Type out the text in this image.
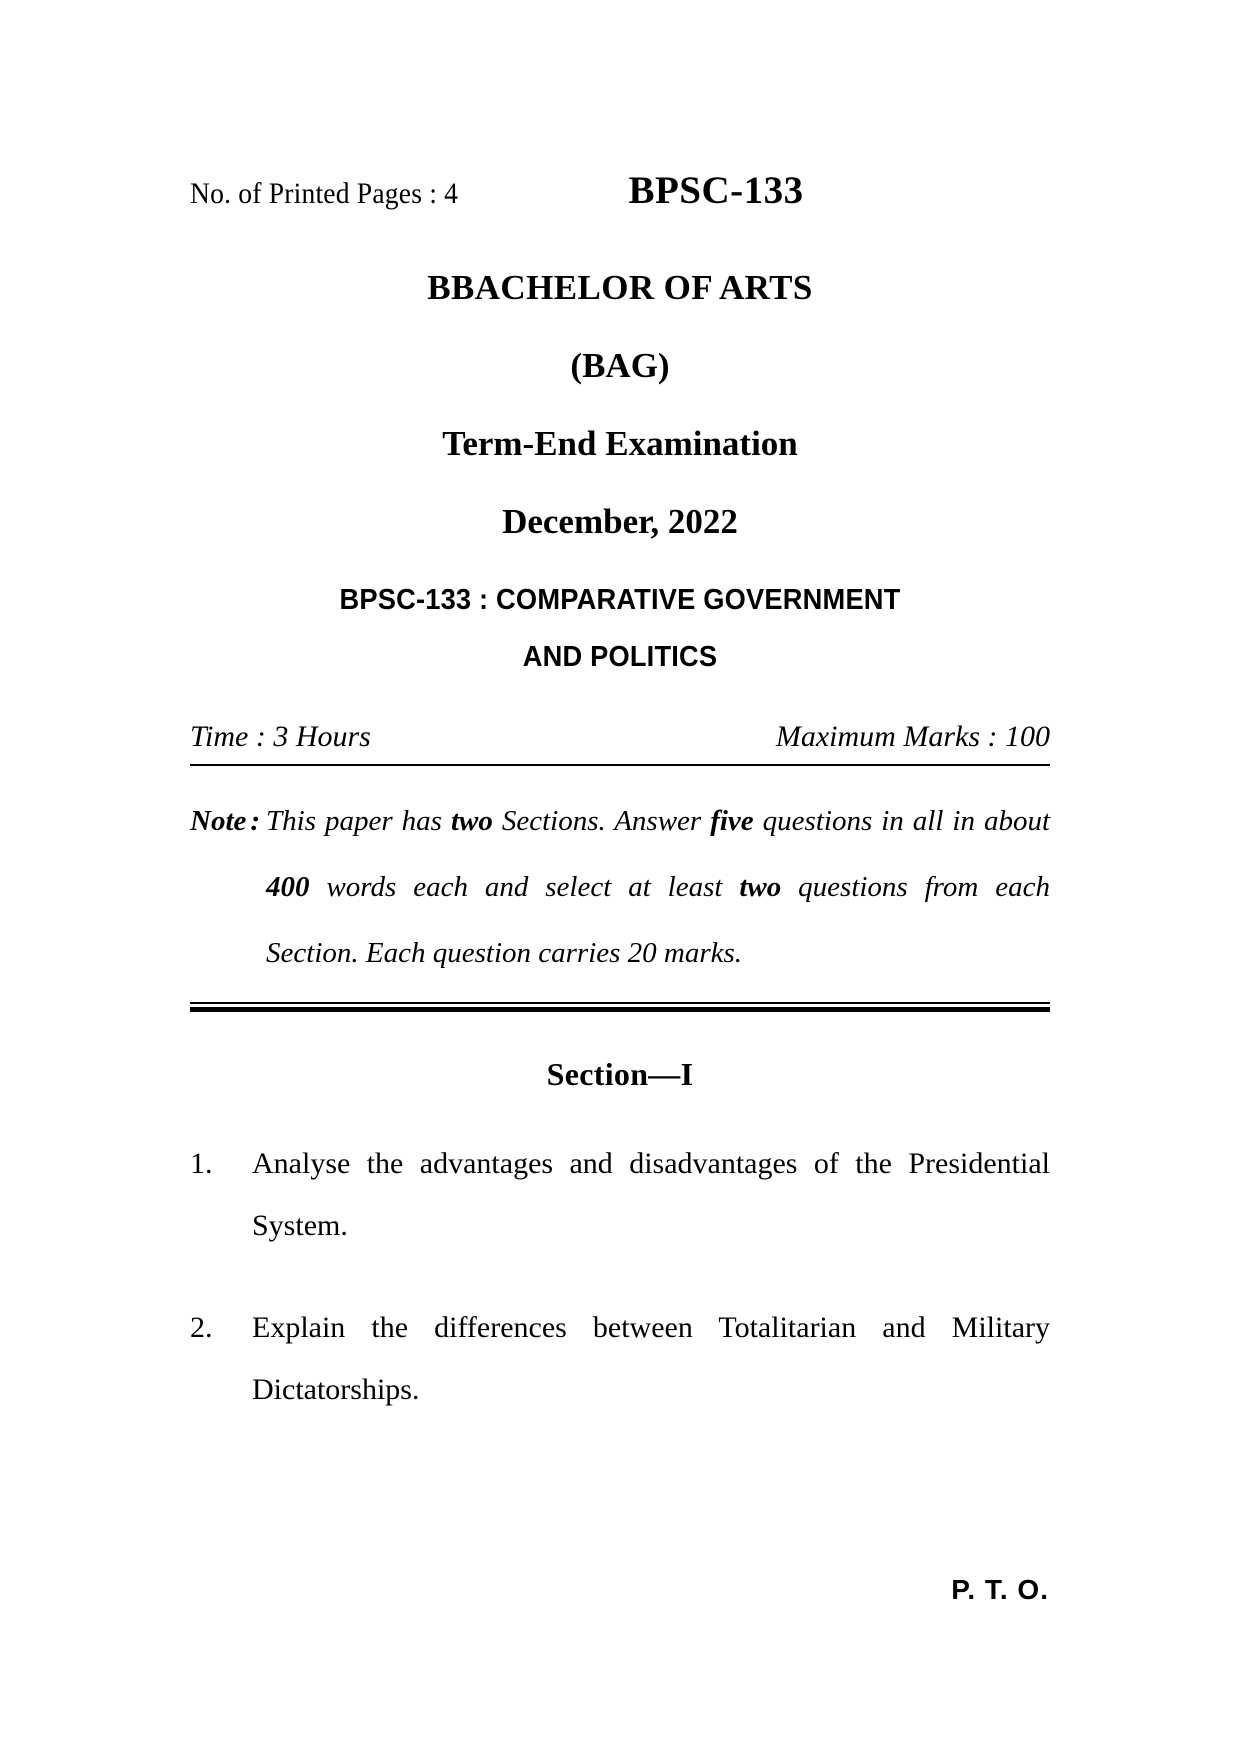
No. of Printed Pages : 4	BPSC-133
BBACHELOR OF ARTS
(BAG)
Term-End Examination
December, 2022
BPSC-133 : COMPARATIVE GOVERNMENT
AND POLITICS
Time : 3 Hours	Maximum Marks : 100
Note : This paper has two Sections. Answer five questions in all in about 400 words each and select at least two questions from each Section. Each question carries 20 marks.
Section—I
1.	Analyse the advantages and disadvantages of the Presidential System.
2.	Explain the differences between Totalitarian and Military Dictatorships.
P. T. O.
